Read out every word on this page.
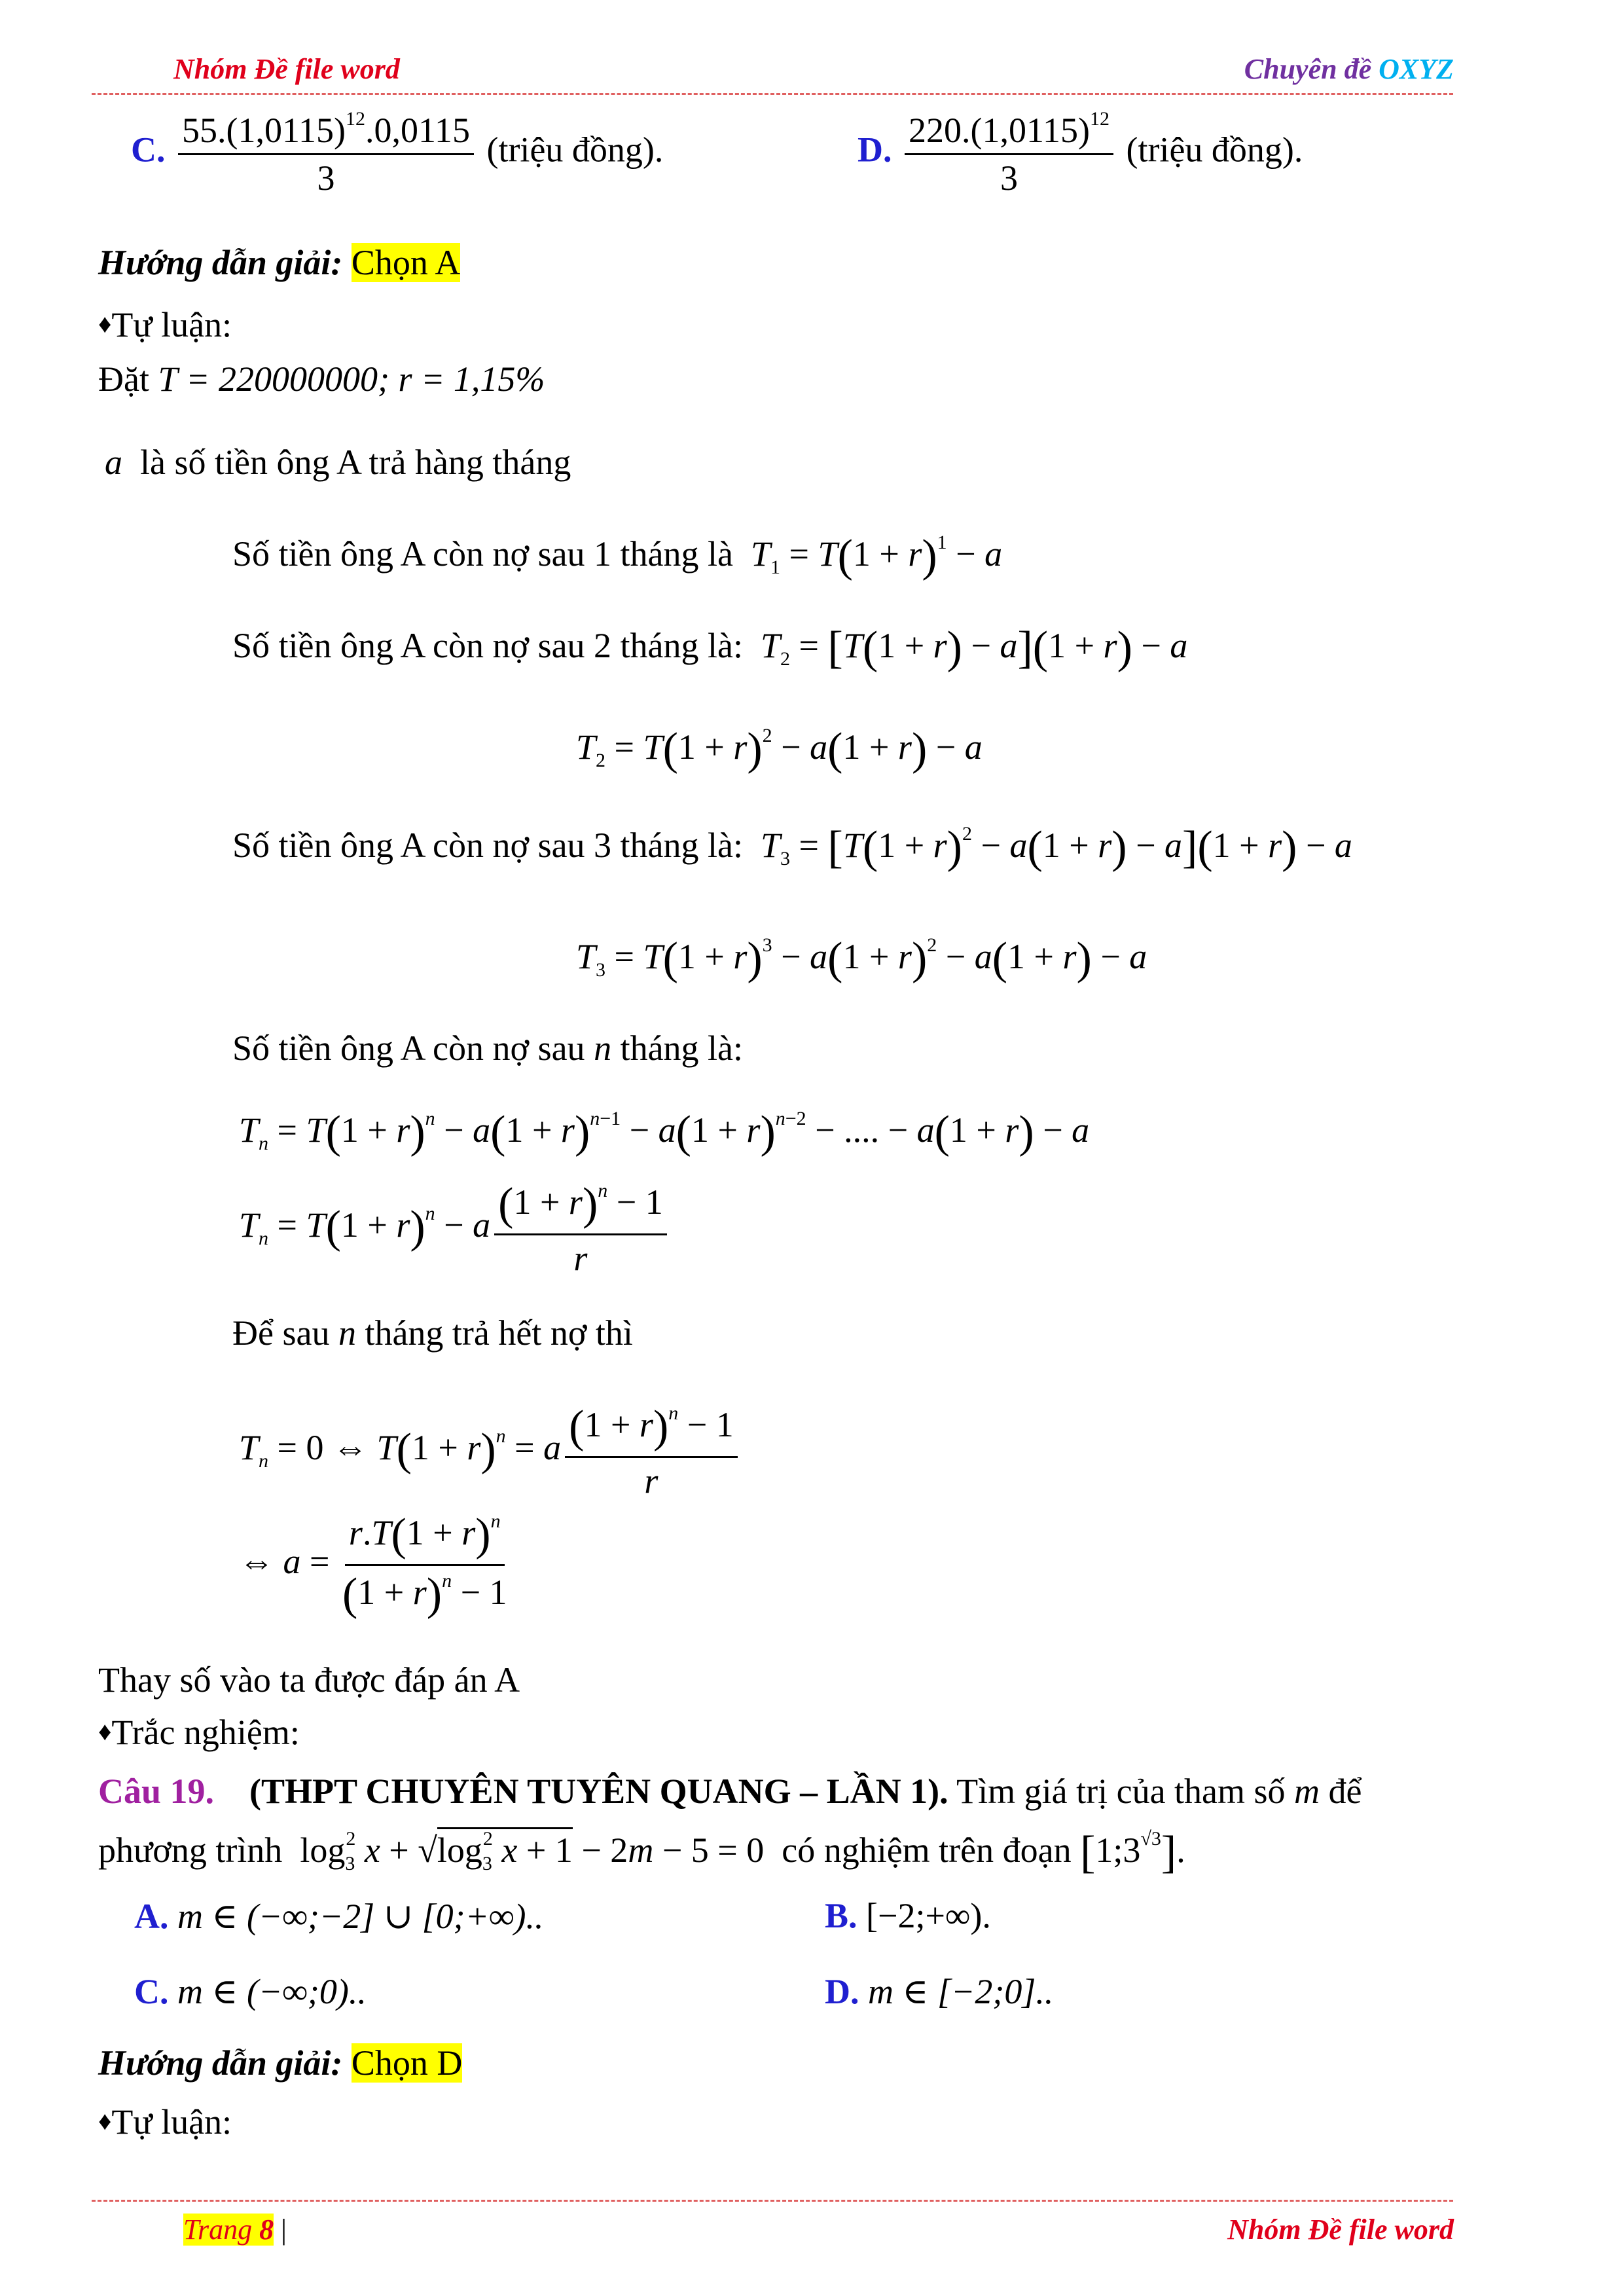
Nhóm Đề file word	Chuyên đề OXYZ
C. $\frac{55.(1,0115)^{12}.0,0115}{3}$ (triệu đồng).	D. $\frac{220.(1,0115)^{12}}{3}$ (triệu đồng).
Hướng dẫn giải: Chọn A
♦Tự luận:
Đặt T = 220000000; r = 1,15%
a là số tiền ông A trả hàng tháng
Số tiền ông A còn nợ sau 1 tháng là $T_1 = T(1 + r)^1 - a$
Số tiền ông A còn nợ sau 2 tháng là: $T_2 = [T(1 + r) - a](1 + r) - a$
$T_2 = T(1 + r)^2 - a(1 + r) - a$
Số tiền ông A còn nợ sau 3 tháng là: $T_3 = [T(1 + r)^2 - a(1 + r) - a](1 + r) - a$
$T_3 = T(1 + r)^3 - a(1 + r)^2 - a(1 + r) - a$
Số tiền ông A còn nợ sau n tháng là:
$T_n = T(1 + r)^n - a(1 + r)^{n-1} - a(1 + r)^{n-2}$ − .... − a(1 + r) − a
$T_n = T(1 + r)^n - a \frac{(1 + r)^n - 1}{r}$
Để sau n tháng trả hết nợ thì
$T_n = 0$ ⇔ $T(1 + r)^n = a \frac{(1 + r)^n - 1}{r}$
⇔ $a = \frac{r.T(1 + r)^n}{(1 + r)^n - 1}$
Thay số vào ta được đáp án A
♦Trắc nghiệm:
Câu 19. (THPT CHUYÊN TUYÊN QUANG – LẦN 1). Tìm giá trị của tham số m để
phương trình  $\log_3^2 x + √\log_3^2$ x + 1 − 2m − 5 = 0  có nghiệm trên đoạn $[1;3^{√3}]$.
A. m ∈ (−∞;−2] ∪ [0;+∞)..	B. [−2;+∞).
C. m ∈ (−∞;0)..	D. m ∈ [−2;0]..
Hướng dẫn giải: Chọn D
♦Tự luận:
Trang 8 |	Nhóm Đề file word
